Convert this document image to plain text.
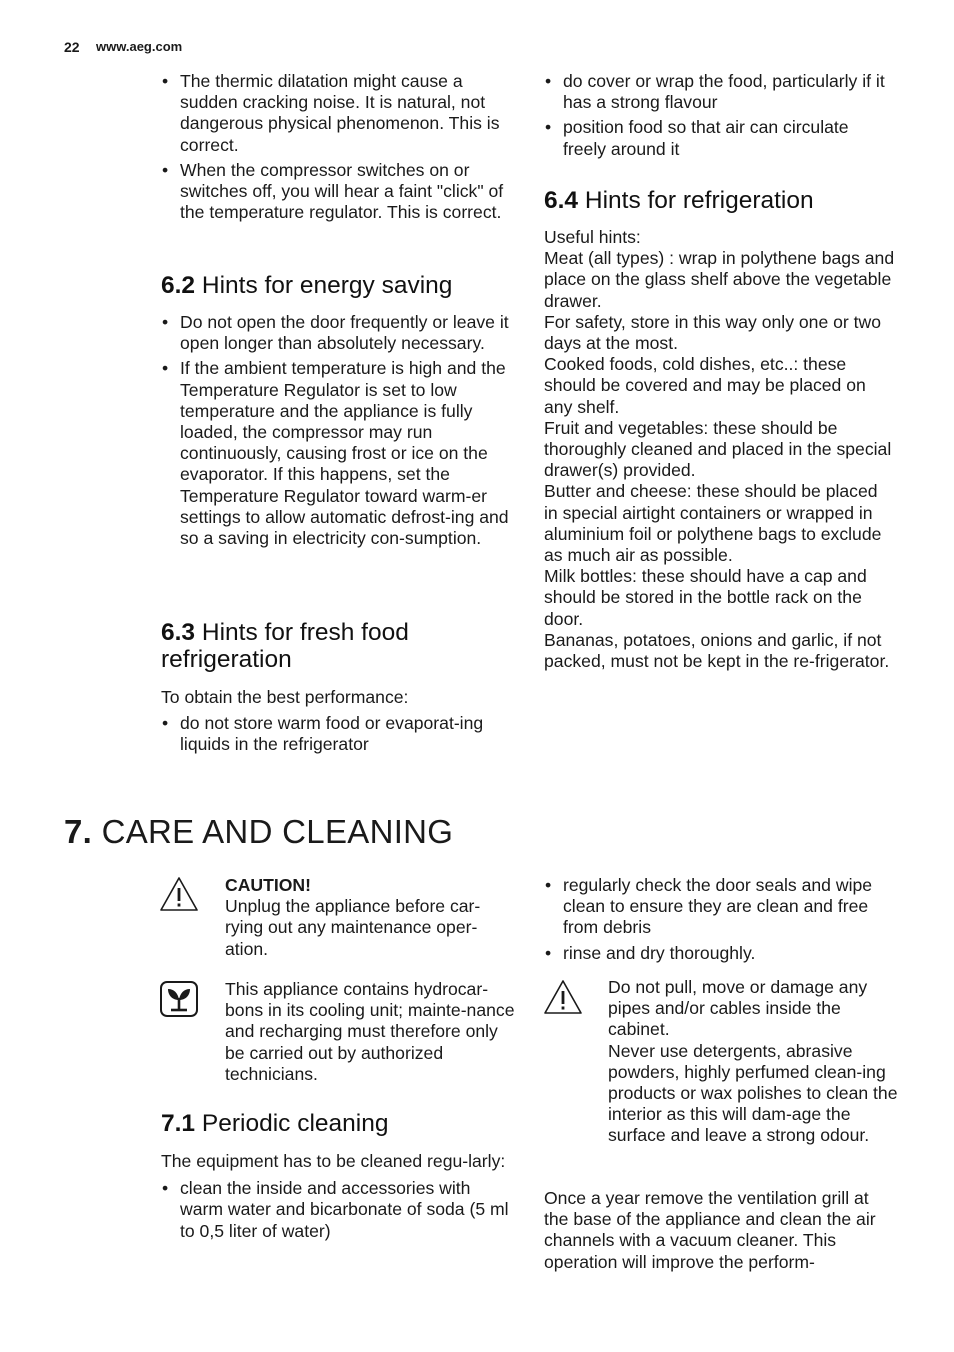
22 www.aeg.com
• The thermic dilatation might cause a sudden cracking noise. It is natural, not dangerous physical phenomenon. This is correct.
• When the compressor switches on or switches off, you will hear a faint "click" of the temperature regulator. This is correct.
6.2 Hints for energy saving
• Do not open the door frequently or leave it open longer than absolutely necessary.
• If the ambient temperature is high and the Temperature Regulator is set to low temperature and the appliance is fully loaded, the compressor may run continuously, causing frost or ice on the evaporator. If this happens, set the Temperature Regulator toward warm-er settings to allow automatic defrost-ing and so a saving in electricity con-sumption.
6.3 Hints for fresh food
refrigeration

To obtain the best performance:

• do not store warm food or evaporat-ing liquids in the refrigerator
• do cover or wrap the food, particularly if it has a strong flavour
• position food so that air can circulate freely around it
6.4 Hints for refrigeration

Useful hints:

Meat (all types) : wrap in polythene bags and place on the glass shelf above the vegetable drawer.

For safety, store in this way only one or two days at the most.

Cooked foods, cold dishes, etc..: these should be covered and may be placed on any shelf.

Fruit and vegetables: these should be thoroughly cleaned and placed in the special drawer(s) provided.

Butter and cheese: these should be placed in special airtight containers or wrapped in aluminium foil or polythene bags to exclude as much air as possible.

Milk bottles: these should have a cap and should be stored in the bottle rack on the door.

Bananas, potatoes, onions and garlic, if not packed, must not be kept in the re-frigerator.

7. CARE AND CLEANING

CAUTION!

Unplug the appliance before car-rying out any maintenance oper-ation.

This appliance contains hydrocar-bons in its cooling unit; mainte-nance and recharging must therefore only be carried out by authorized technicians.

7.1 Periodic cleaning

The equipment has to be cleaned regu-larly:

• clean the inside and accessories with warm water and bicarbonate of soda (5 ml to 0,5 liter of water)
• regularly check the door seals and wipe clean to ensure they are clean and free from debris
• rinse and dry thoroughly.

Do not pull, move or damage any pipes and/or cables inside the cabinet.

Never use detergents, abrasive powders, highly perfumed clean-ing products or wax polishes to clean the interior as this will dam-age the surface and leave a strong odour.

Once a year remove the ventilation grill at the base of the appliance and clean the air channels with a vacuum cleaner. This operation will improve the perform-
